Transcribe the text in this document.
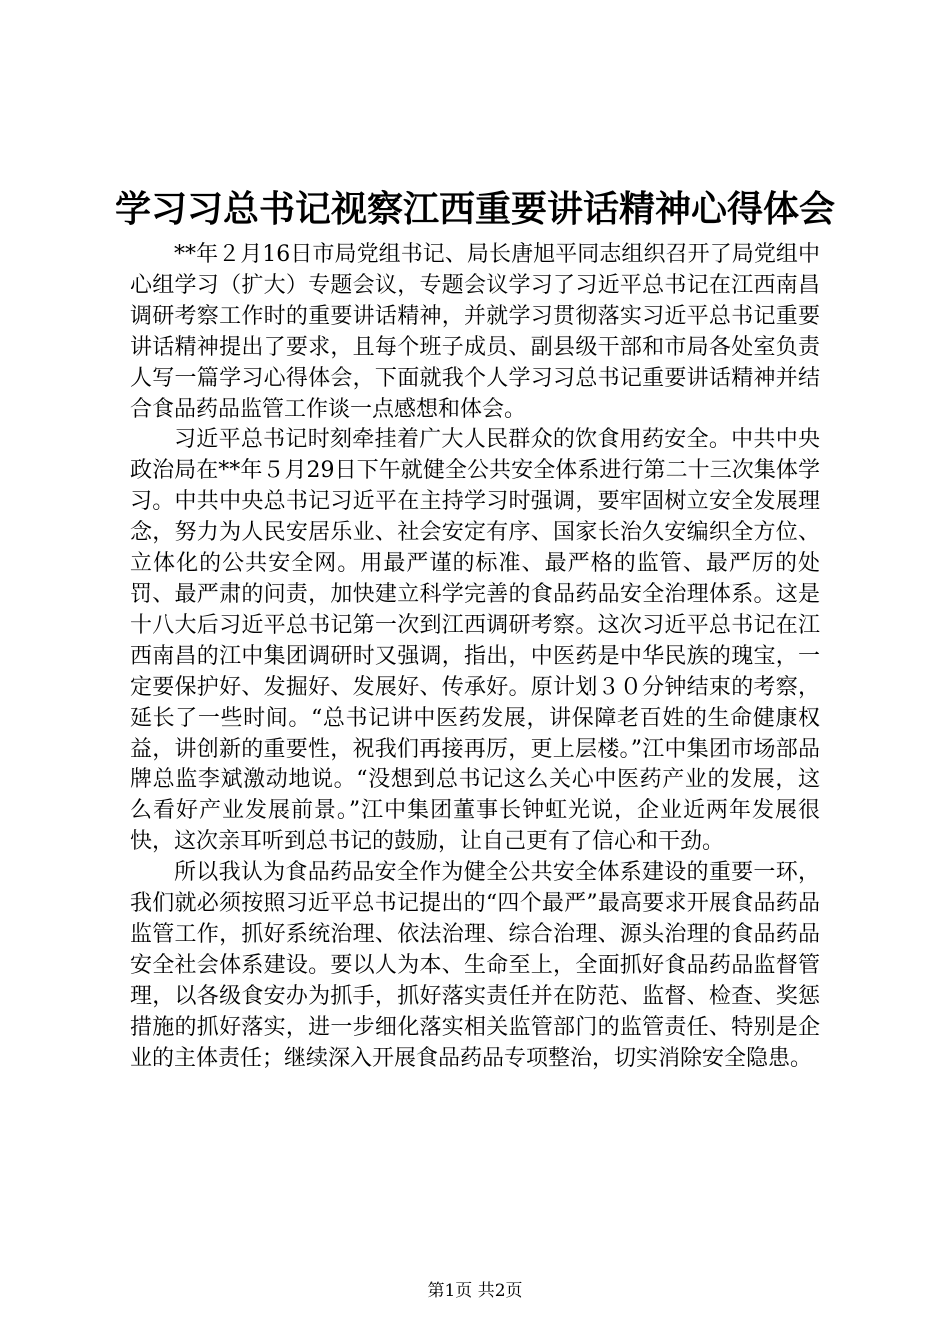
学习习总书记视察江西重要讲话精神心得体会

**年２月16日市局党组书记、局长唐旭平同志组织召开了局党组中心组学习（扩大）专题会议，专题会议学习了习近平总书记在江西南昌调研考察工作时的重要讲话精神，并就学习贯彻落实习近平总书记重要讲话精神提出了要求，且每个班子成员、副县级干部和市局各处室负责人写一篇学习心得体会，下面就我个人学习习总书记重要讲话精神并结合食品药品监管工作谈一点感想和体会。

习近平总书记时刻牵挂着广大人民群众的饮食用药安全。中共中央政治局在**年５月29日下午就健全公共安全体系进行第二十三次集体学习。中共中央总书记习近平在主持学习时强调，要牢固树立安全发展理念，努力为人民安居乐业、社会安定有序、国家长治久安编织全方位、立体化的公共安全网。用最严谨的标准、最严格的监管、最严厉的处罚、最严肃的问责，加快建立科学完善的食品药品安全治理体系。这是十八大后习近平总书记第一次到江西调研考察。这次习近平总书记在江西南昌的江中集团调研时又强调，指出，中医药是中华民族的瑰宝，一定要保护好、发掘好、发展好、传承好。原计划３０分钟结束的考察，延长了一些时间。“总书记讲中医药发展，讲保障老百姓的生命健康权益，讲创新的重要性，祝我们再接再厉，更上层楼。”江中集团市场部品牌总监李斌激动地说。“没想到总书记这么关心中医药产业的发展，这么看好产业发展前景。”江中集团董事长钟虹光说，企业近两年发展很快，这次亲耳听到总书记的鼓励，让自己更有了信心和干劲。

所以我认为食品药品安全作为健全公共安全体系建设的重要一环，我们就必须按照习近平总书记提出的“四个最严”最高要求开展食品药品监管工作，抓好系统治理、依法治理、综合治理、源头治理的食品药品安全社会体系建设。要以人为本、生命至上，全面抓好食品药品监督管理，以各级食安办为抓手，抓好落实责任并在防范、监督、检查、奖惩措施的抓好落实，进一步细化落实相关监管部门的监管责任、特别是企业的主体责任；继续深入开展食品药品专项整治，切实消除安全隐患。

第1页 共2页
